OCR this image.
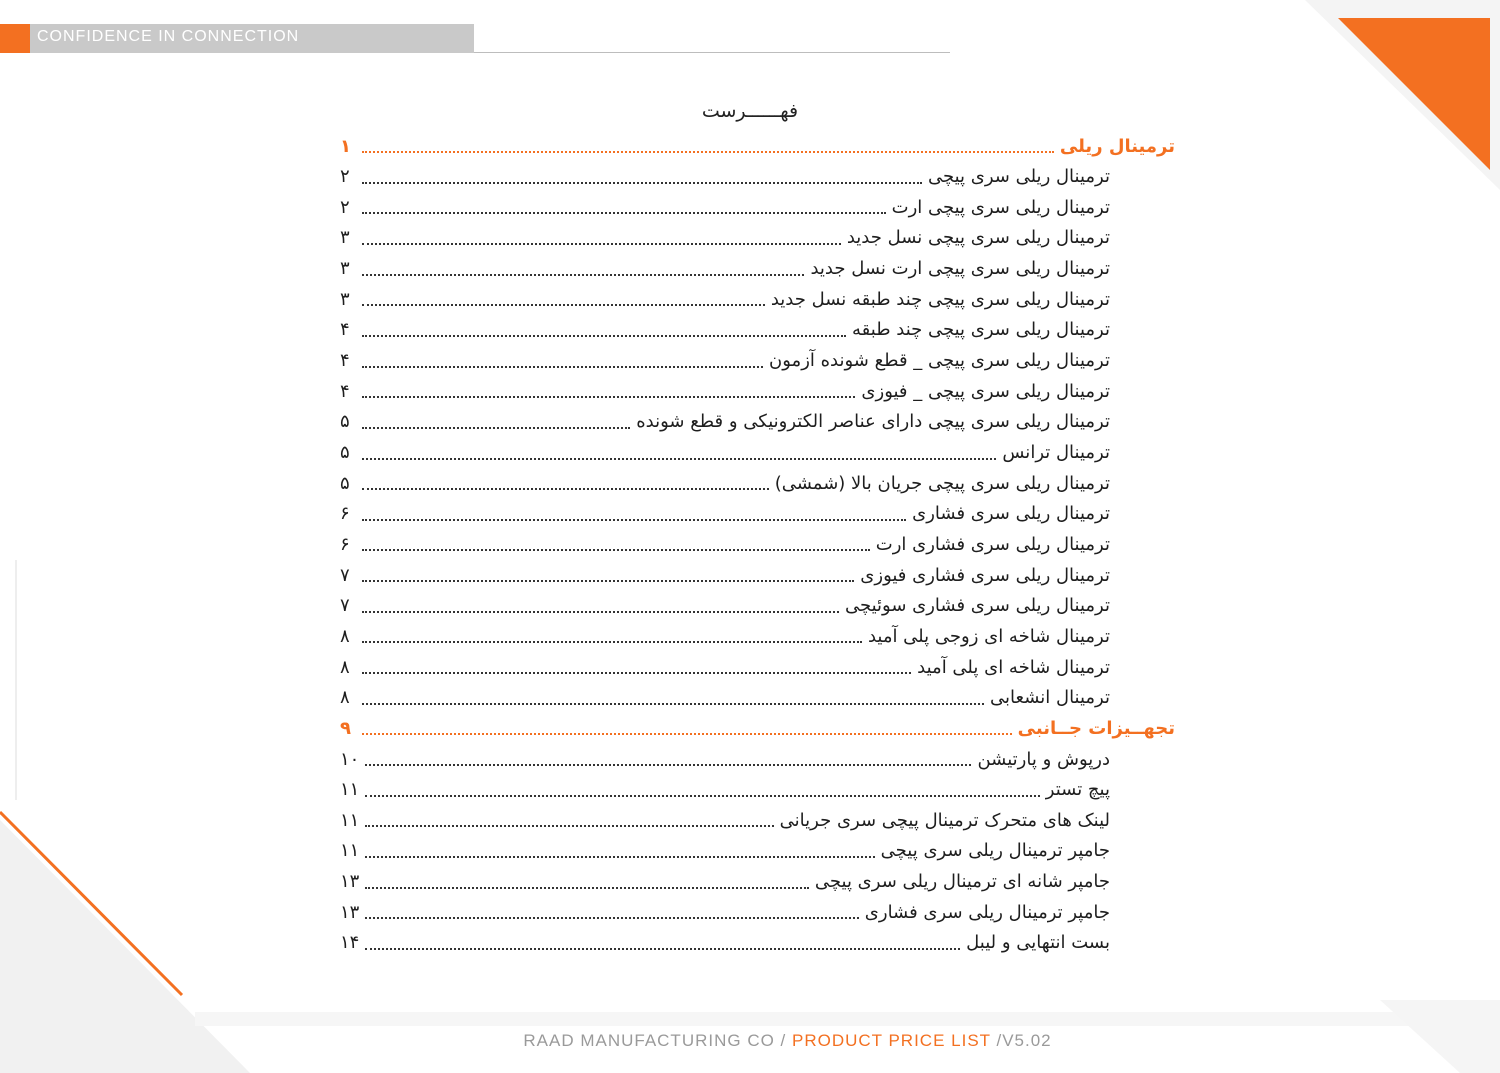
CONFIDENCE IN CONNECTION
فهــــــرست
ترمینال ریلی
۱
ترمینال ریلی سری پیچی
۲
ترمینال ریلی سری پیچی ارت
۲
ترمینال ریلی سری پیچی نسل جدید
۳
ترمینال ریلی سری پیچی ارت نسل جدید
۳
ترمینال ریلی سری پیچی چند طبقه نسل جدید
۳
ترمینال ریلی سری پیچی چند طبقه
۴
ترمینال ریلی سری پیچی _ قطع شونده آزمون
۴
ترمینال ریلی سری پیچی _ فیوزی
۴
ترمینال ریلی سری پیچی دارای عناصر الکترونیکی و قطع شونده
۵
ترمینال ترانس
۵
ترمینال ریلی سری پیچی جریان بالا (شمشی)
۵
ترمینال ریلی سری فشاری
۶
ترمینال ریلی سری فشاری ارت
۶
ترمینال ریلی سری فشاری فیوزی
۷
ترمینال ریلی سری فشاری سوئیچی
۷
ترمینال شاخه ای زوجی پلی آمید
۸
ترمینال شاخه ای پلی آمید
۸
ترمینال انشعابی
۸
تجهــیزات جــانبی
۹
درپوش و پارتیشن
۱۰
پیچ تستر
۱۱
لینک های متحرک ترمینال پیچی سری جریانی
۱۱
جامپر ترمینال ریلی سری پیچی
۱۱
جامپر شانه ای ترمینال ریلی سری پیچی
۱۳
جامپر ترمینال ریلی سری فشاری
۱۳
بست انتهایی و لیبل
۱۴
RAAD MANUFACTURING CO / PRODUCT PRICE LIST /V5.02
